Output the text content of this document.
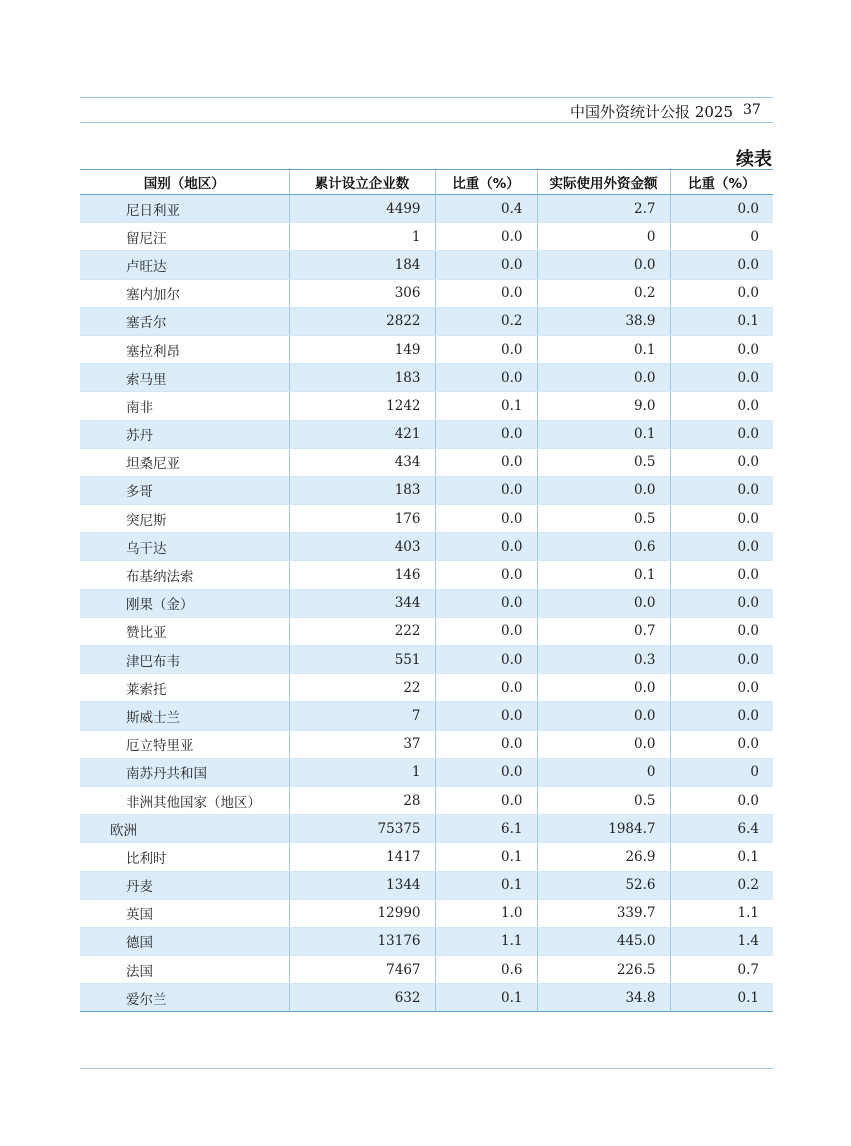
中国外资统计公报 2025 37
续表
国别（地区）	累计设立企业数	比重（%）	实际使用外资金额	比重（%）
尼日利亚	4499	0.4	2.7	0.0
留尼汪	1	0.0	0	0
卢旺达	184	0.0	0.0	0.0
塞内加尔	306	0.0	0.2	0.0
塞舌尔	2822	0.2	38.9	0.1
塞拉利昂	149	0.0	0.1	0.0
索马里	183	0.0	0.0	0.0
南非	1242	0.1	9.0	0.0
苏丹	421	0.0	0.1	0.0
坦桑尼亚	434	0.0	0.5	0.0
多哥	183	0.0	0.0	0.0
突尼斯	176	0.0	0.5	0.0
乌干达	403	0.0	0.6	0.0
布基纳法索	146	0.0	0.1	0.0
刚果（金）	344	0.0	0.0	0.0
赞比亚	222	0.0	0.7	0.0
津巴布韦	551	0.0	0.3	0.0
莱索托	22	0.0	0.0	0.0
斯威士兰	7	0.0	0.0	0.0
厄立特里亚	37	0.0	0.0	0.0
南苏丹共和国	1	0.0	0	0
非洲其他国家（地区）	28	0.0	0.5	0.0
欧洲	75375	6.1	1984.7	6.4
比利时	1417	0.1	26.9	0.1
丹麦	1344	0.1	52.6	0.2
英国	12990	1.0	339.7	1.1
德国	13176	1.1	445.0	1.4
法国	7467	0.6	226.5	0.7
爱尔兰	632	0.1	34.8	0.1
